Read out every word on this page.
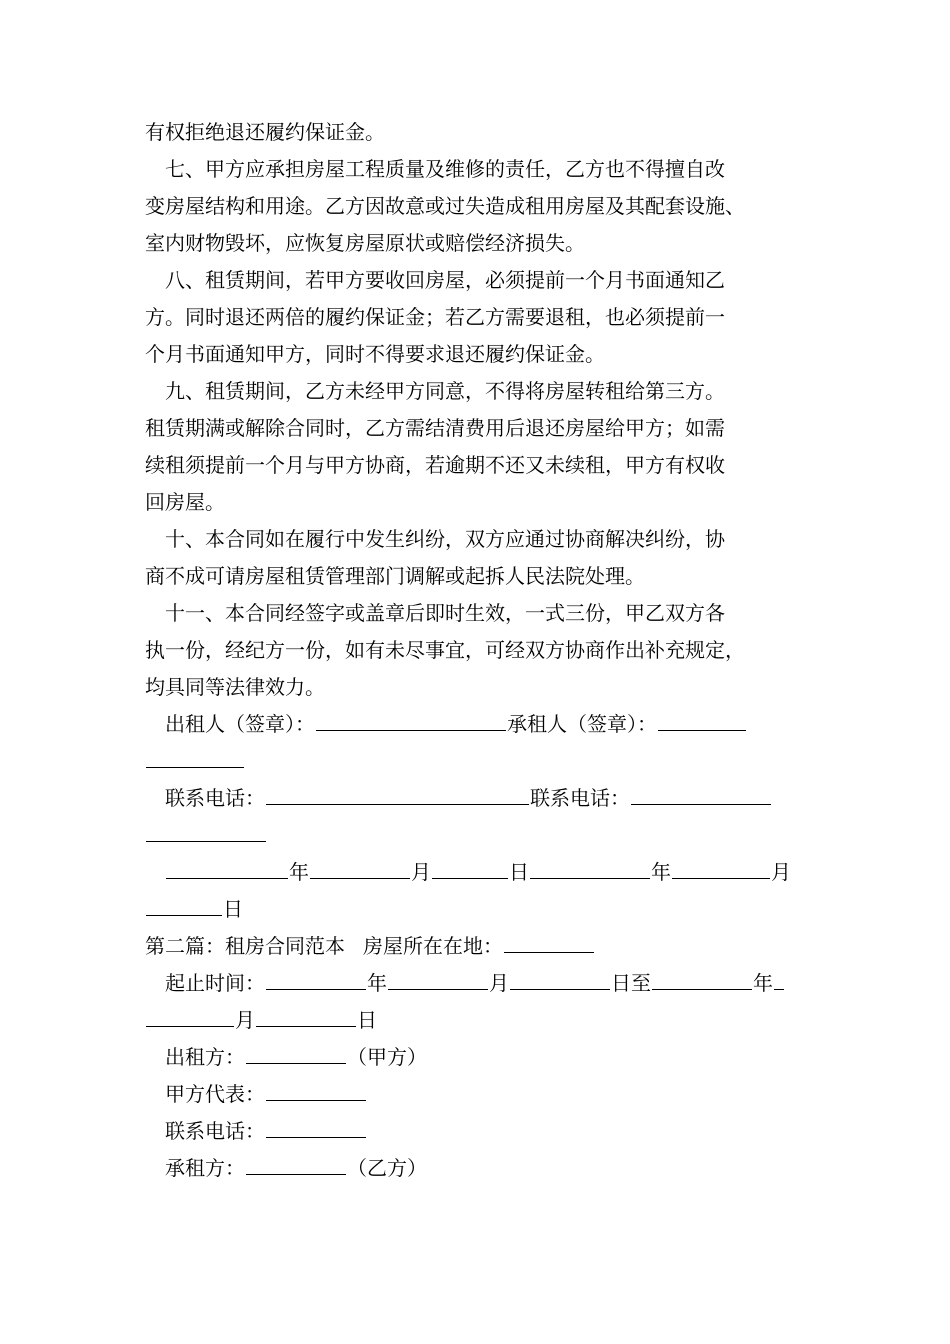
有权拒绝退还履约保证金。
七、甲方应承担房屋工程质量及维修的责任，乙方也不得擅自改
变房屋结构和用途。乙方因故意或过失造成租用房屋及其配套设施、
室内财物毁坏，应恢复房屋原状或赔偿经济损失。
八、租赁期间，若甲方要收回房屋，必须提前一个月书面通知乙
方。同时退还两倍的履约保证金；若乙方需要退租，也必须提前一
个月书面通知甲方，同时不得要求退还履约保证金。
九、租赁期间，乙方未经甲方同意，不得将房屋转租给第三方。
租赁期满或解除合同时，乙方需结清费用后退还房屋给甲方；如需
续租须提前一个月与甲方协商，若逾期不还又未续租，甲方有权收
回房屋。
十、本合同如在履行中发生纠纷，双方应通过协商解决纠纷，协
商不成可请房屋租赁管理部门调解或起拆人民法院处理。
十一、本合同经签字或盖章后即时生效，一式三份，甲乙双方各
执一份，经纪方一份，如有未尽事宜，可经双方协商作出补充规定，
均具同等法律效力。
出租人（签章）：	承租人（签章）：
联系电话：	联系电话：
年	月	日	年	月
日
第二篇：租房合同范本 房屋所在在地：
起止时间：	年	月	日至	年
月	日
出租方：	（甲方）
甲方代表：
联系电话：
承租方：	（乙方）
